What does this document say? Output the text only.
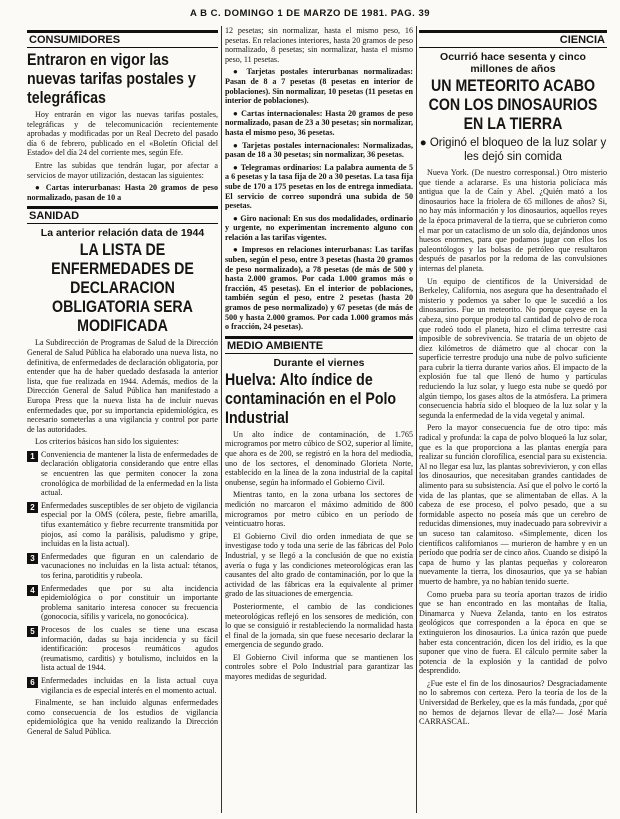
A B C. DOMINGO 1 DE MARZO DE 1981. PAG. 39
CONSUMIDORES
Entraron en vigor las nuevas tarifas postales y telegráficas

Hoy entrarán en vigor las nuevas tarifas postales, telegráficas y de telecomunicación recientemente aprobadas y modificadas por un Real Decreto del pasado día 6 de febrero, publicado en el «Boletín Oficial del Estado» del día 24 del corriente mes, según Efe.

Entre las subidas que tendrán lugar, por afectar a servicios de mayor utilización, destacan las siguientes:

● Cartas interurbanas: Hasta 20 gramos de peso normalizado, pasan de 10 a

SANIDAD
La anterior relación data de 1944
LA LISTA DE ENFERMEDADES DE DECLARACION OBLIGATORIA SERA MODIFICADA

La Subdirección de Programas de Salud de la Dirección General de Salud Pública ha elaborado una nueva lista, no definitiva, de enfermedades de declaración obligatoria, por entender que ha de haber quedado desfasada la anterior lista, que fue realizada en 1944. Además, medios de la Dirección General de Salud Pública han manifestado a Europa Press que la nueva lista ha de incluir nuevas enfermedades que, por su importancia epidemiológica, es necesario someterlas a una vigilancia y control por parte de las autoridades.

Los criterios básicos han sido los siguientes:

1 Conveniencia de mantener la lista de enfermedades de declaración obligatoria considerando que entre ellas se encuentren las que permiten conocer la zona cronológica de morbilidad de la enfermedad en la lista actual.

2 Enfermedades susceptibles de ser objeto de vigilancia especial por la OMS (cólera, peste, fiebre amarilla, tifus exantemático y fiebre recurrente transmitida por piojos, así como la parálisis, paludismo y gripe, incluidas en la lista actual).

3 Enfermedades que figuran en un calendario de vacunaciones no incluidas en la lista actual: tétanos, tos ferina, parotiditis y rubeola.

4 Enfermedades que por su alta incidencia epidemiológica o por constituir un importante problema sanitario interesa conocer su frecuencia (gonococia, sífilis y varicela, no gonocócica).

5 Procesos de los cuales se tiene una escasa información, dadas su baja incidencia y su fácil identificación: procesos reumáticos agudos (reumatismo, carditis) y botulismo, incluidos en la lista actual de 1944.

6 Enfermedades incluidas en la lista actual cuya vigilancia es de especial interés en el momento actual.

Finalmente, se han incluido algunas enfermedades como consecuencia de los estudios de vigilancia epidemiológica que ha venido realizando la Dirección General de Salud Pública.

12 pesetas; sin normalizar, hasta el mismo peso, 16 pesetas. En relaciones interiores, hasta 20 gramos de peso normalizado, 8 pesetas; sin normalizar, hasta el mismo peso, 11 pesetas.

● Tarjetas postales interurbanas normalizadas: Pasan de 8 a 7 pesetas (8 pesetas en interior de poblaciones). Sin normalizar, 10 pesetas (11 pesetas en interior de poblaciones).

● Cartas internacionales: Hasta 20 gramos de peso normalizado, pasan de 23 a 30 pesetas; sin normalizar, hasta el mismo peso, 36 pesetas.

● Tarjetas postales internacionales: Normalizadas, pasan de 18 a 30 pesetas; sin normalizar, 36 pesetas.

● Telegramas ordinarios: La palabra aumenta de 5 a 6 pesetas y la tasa fija de 20 a 30 pesetas. La tasa fija sube de 170 a 175 pesetas en los de entrega inmediata. El servicio de correo supondrá una subida de 50 pesetas.

● Giro nacional: En sus dos modalidades, ordinario y urgente, no experimentan incremento alguno con relación a las tarifas vigentes.

● Impresos en relaciones interurbanas: Las tarifas suben, según el peso, entre 3 pesetas (hasta 20 gramos de peso normalizado), a 78 pesetas (de más de 500 y hasta 2.000 gramos. Por cada 1.000 gramos más o fracción, 45 pesetas). En el interior de poblaciones, también según el peso, entre 2 pesetas (hasta 20 gramos de peso normalizado) y 67 pesetas (de más de 500 y hasta 2.000 gramos. Por cada 1.000 gramos más o fracción, 24 pesetas).

MEDIO AMBIENTE
Durante el viernes
Huelva: Alto índice de contaminación en el Polo Industrial

Un alto índice de contaminación, de 1.765 microgramos por metro cúbico de SO2, superior al límite, que ahora es de 200, se registró en la hora del mediodía, uno de los sectores, el denominado Glorieta Norte, establecido en la línea de la zona industrial de la capital onubense, según ha informado el Gobierno Civil.

Mientras tanto, en la zona urbana los sectores de medición no marcaron el máximo admitido de 800 microgramos por metro cúbico en un período de veinticuatro horas.

El Gobierno Civil dio orden inmediata de que se investigase todo y toda una serie de las fábricas del Polo Industrial, y se llegó a la conclusión de que no existía avería o fuga y las condiciones meteorológicas eran las causantes del alto grado de contaminación, por lo que la actividad de las fábricas era la equivalente al primer grado de las situaciones de emergencia.

Posteriormente, el cambio de las condiciones meteorológicas reflejó en los sensores de medición, con lo que se consiguió ir restableciendo la normalidad hasta el final de la jornada, sin que fuese necesario declarar la emergencia de segundo grado.

El Gobierno Civil informa que se mantienen los controles sobre el Polo Industrial para garantizar las mayores medidas de seguridad.

CIENCIA
Ocurrió hace sesenta y cinco millones de años
UN METEORITO ACABO CON LOS DINOSAURIOS EN LA TIERRA
● Originó el bloqueo de la luz solar y les dejó sin comida

Nueva York. (De nuestro corresponsal.) Otro misterio que tiende a aclararse. Es una historia policíaca más antigua que la de Caín y Abel. ¿Quién mató a los dinosaurios hace la friolera de 65 millones de años? Si, no hay más información y los dinosaurios, aquellos reyes de la época primaveral de la tierra, que se cubrieron como el mar por un cataclismo de un solo día, dejándonos unos huesos enormes, para que podamos jugar con ellos los paleontólogos y las bolsas de petróleo que resultaron después de pasarlos por la redoma de las convulsiones internas del planeta.

Un equipo de científicos de la Universidad de Berkeley, California, nos asegura que ha desentrañado el misterio y podemos ya saber lo que le sucedió a los dinosaurios. Fue un meteorito. No porque cayese en la cabeza, sino porque produjo tal cantidad de polvo de roca que rodeó todo el planeta, hizo el clima terrestre casi imposible de sobrevivencia. Se trataría de un objeto de diez kilómetros de diámetro que al chocar con la superficie terrestre produjo una nube de polvo suficiente para cubrir la tierra durante varios años. El impacto de la explosión fue tal que llenó de humo y partículas reduciendo la luz solar, y luego esta nube se quedó por algún tiempo, los gases altos de la atmósfera. La primera consecuencia habría sido el bloqueo de la luz solar y la segunda la enfermedad de la vida vegetal y animal.

Pero la mayor consecuencia fue de otro tipo: más radical y profunda: la capa de polvo bloqueó la luz solar, que es la que proporciona a las plantas energía para realizar su función clorofílica, esencial para su existencia. Al no llegar esa luz, las plantas sobrevivieron, y con ellas los dinosaurios, que necesitaban grandes cantidades de alimento para su subsistencia. Así que el polvo le cortó la vida de las plantas, que se alimentaban de ellas. A la cabeza de ese proceso, el polvo pesado, que a su formidable aspecto no poseía más que un cerebro de reducidas dimensiones, muy inadecuado para sobrevivir a un suceso tan calamitoso. «Simplemente, dicen los científicos californianos — murieron de hambre y en un período que podría ser de cinco años. Cuando se disipó la capa de humo y las plantas pequeñas y colorearon nuevamente la tierra, los dinosaurios, que ya se habían muerto de hambre, ya no habían tenido suerte.

Como prueba para su teoría aportan trazos de iridio que se han encontrado en las montañas de Italia, Dinamarca y Nueva Zelanda, tanto en los estratos geológicos que corresponden a la época en que se extinguieron los dinosaurios. La única razón que puede haber esta concentración, dicen los del iridio, es la que suponer que vino de fuera. El cálculo permite saber la potencia de la explosión y la cantidad de polvo desprendido.

¿Fue este el fin de los dinosaurios? Desgraciadamente no lo sabremos con certeza. Pero la teoría de los de la Universidad de Berkeley, que es la más fundada, ¿por qué no hemos de dejarnos llevar de ella?— José María CARRASCAL.
